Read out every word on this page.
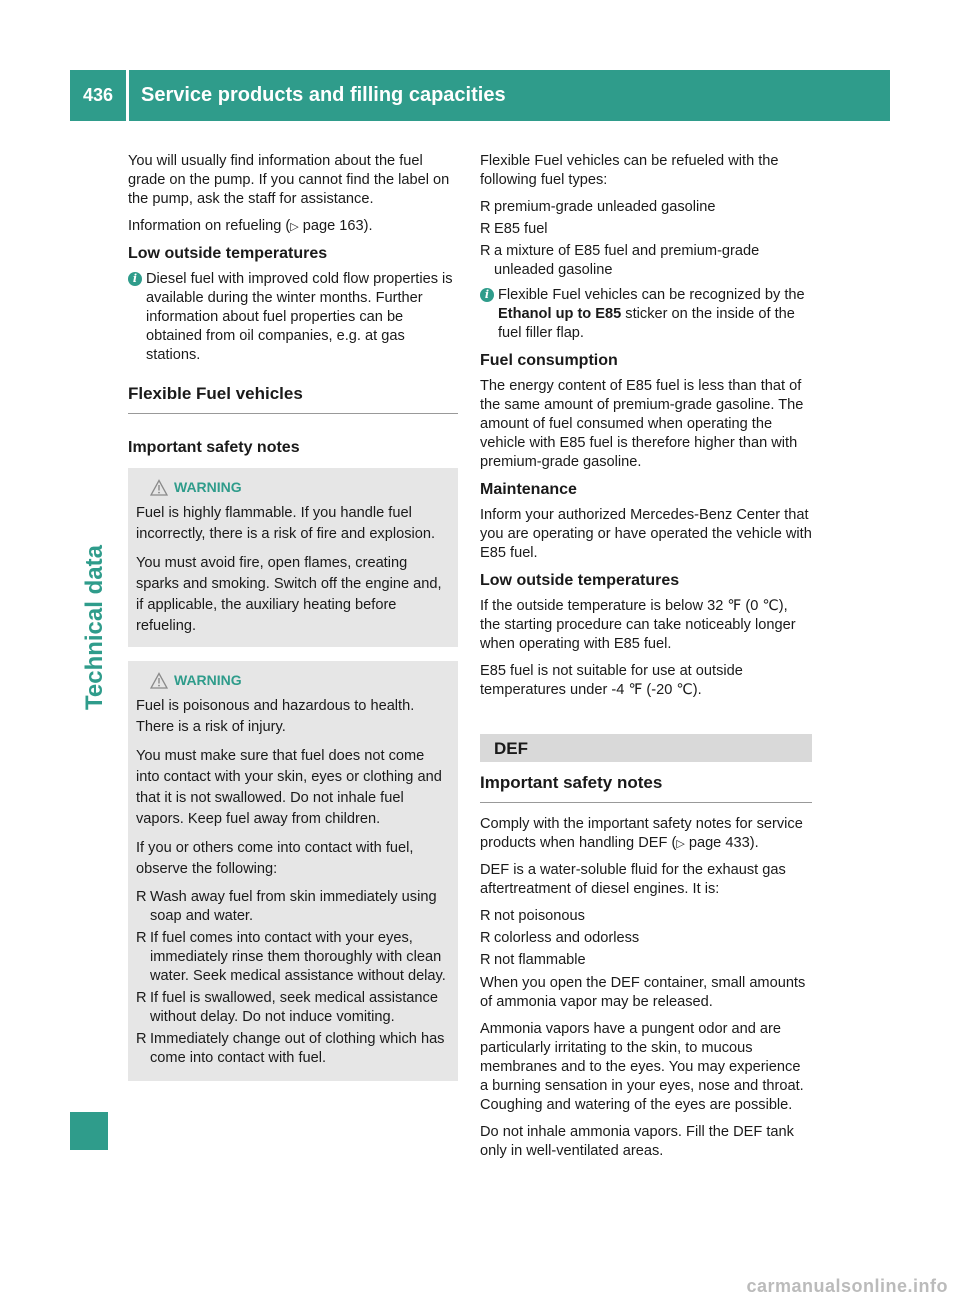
436	Service products and filling capacities
Technical data

You will usually find information about the fuel grade on the pump. If you cannot find the label on the pump, ask the staff for assistance.

Information on refueling (▷ page 163).

Low outside temperatures
i Diesel fuel with improved cold flow properties is available during the winter months. Further information about fuel properties can be obtained from oil companies, e.g. at gas stations.
Flexible Fuel vehicles
Important safety notes
WARNING

Fuel is highly flammable. If you handle fuel incorrectly, there is a risk of fire and explosion.

You must avoid fire, open flames, creating sparks and smoking. Switch off the engine and, if applicable, the auxiliary heating before refueling.

WARNING

Fuel is poisonous and hazardous to health. There is a risk of injury.

You must make sure that fuel does not come into contact with your skin, eyes or clothing and that it is not swallowed. Do not inhale fuel vapors. Keep fuel away from children.

If you or others come into contact with fuel, observe the following:

R Wash away fuel from skin immediately using soap and water.
R If fuel comes into contact with your eyes, immediately rinse them thoroughly with clean water. Seek medical assistance without delay.
R If fuel is swallowed, seek medical assistance without delay. Do not induce vomiting.
R Immediately change out of clothing which has come into contact with fuel.

Flexible Fuel vehicles can be refueled with the following fuel types:

R premium-grade unleaded gasoline
R E85 fuel
R a mixture of E85 fuel and premium-grade unleaded gasoline
i Flexible Fuel vehicles can be recognized by the Ethanol up to E85 sticker on the inside of the fuel filler flap.
Fuel consumption

The energy content of E85 fuel is less than that of the same amount of premium-grade gasoline. The amount of fuel consumed when operating the vehicle with E85 fuel is therefore higher than with premium-grade gasoline.

Maintenance

Inform your authorized Mercedes-Benz Center that you are operating or have operated the vehicle with E85 fuel.

Low outside temperatures

If the outside temperature is below 32 ℉ (0 ℃), the starting procedure can take noticeably longer when operating with E85 fuel.

E85 fuel is not suitable for use at outside temperatures under -4 ℉ (-20 ℃).

DEF
Important safety notes

Comply with the important safety notes for service products when handling DEF (▷ page 433).

DEF is a water-soluble fluid for the exhaust gas aftertreatment of diesel engines. It is:

R not poisonous
R colorless and odorless
R not flammable

When you open the DEF container, small amounts of ammonia vapor may be released.

Ammonia vapors have a pungent odor and are particularly irritating to the skin, to mucous membranes and to the eyes. You may experience a burning sensation in your eyes, nose and throat. Coughing and watering of the eyes are possible.

Do not inhale ammonia vapors. Fill the DEF tank only in well-ventilated areas.

carmanualsonline.info
